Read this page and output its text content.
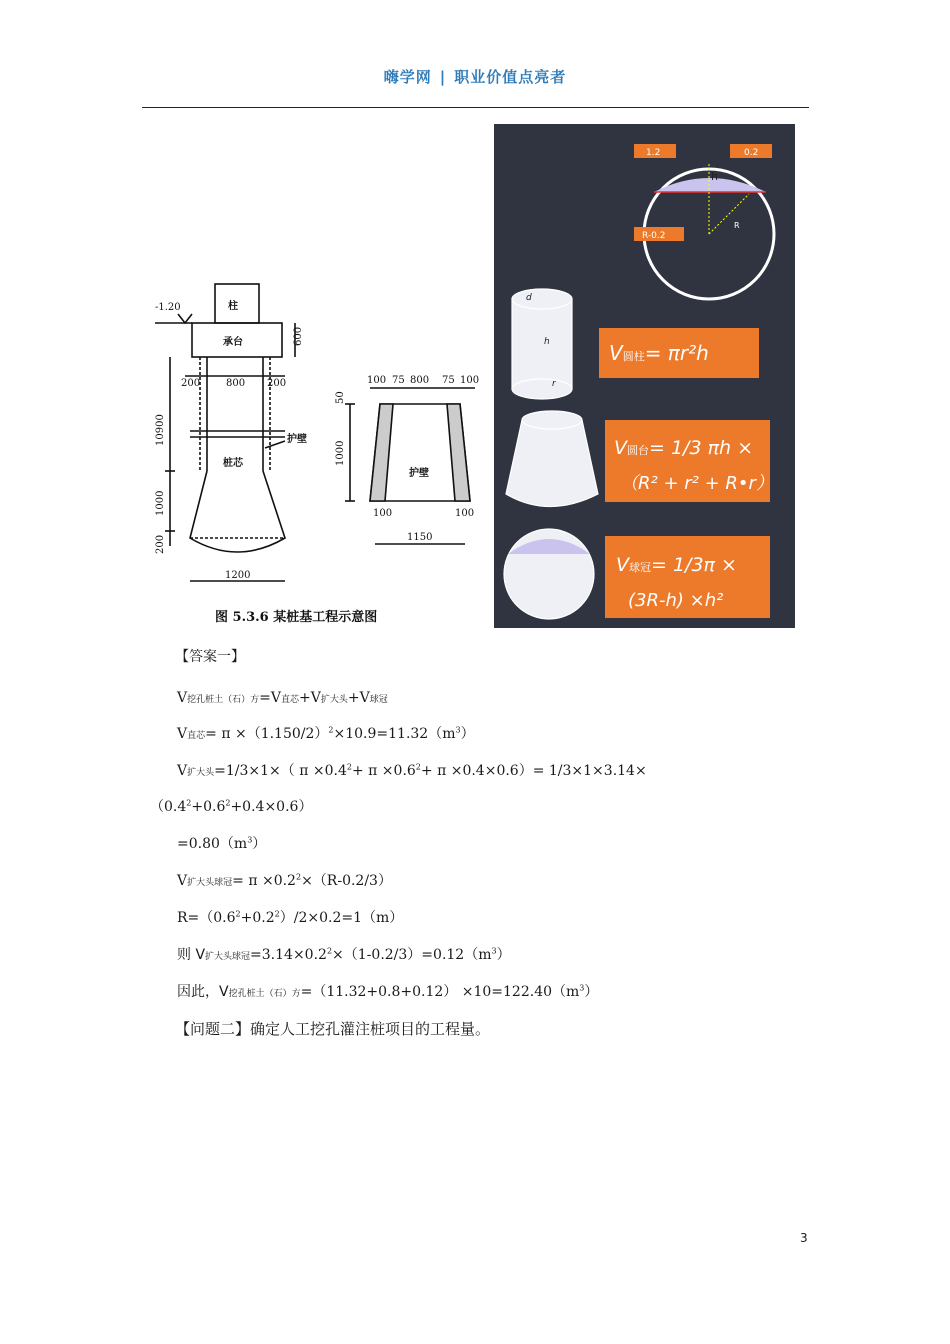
嗨学网 | 职业价值点亮者
柱
承台
-1.20
600
200	800 200
10900	护壁
桩芯
1000
200
1200
100 75 800 75 100
50
1000
护壁
100	100
1150
图 5.3.6 某桩基工程示意图
1.2	0.2
R-0.2
h
R
d
h
r
V圆柱= πr²h
V圆台= 1/3 πh ×
（R² + r² + R•r）
V球冠= 1/3π ×
(3R-h) ×h²
【答案一】
V挖孔桩土（石）方=V直芯+V扩大头+V球冠
V直芯= $\pi \times(1.150/2)^2\times 10.9=11.32(m^3)$
V扩大头=1/3×1×（ $\pi \times 0.4^2+ \pi \times 0.6^2+ \pi \times 0.4\times 0.6)= 1/3\times 1\times 3.14\times$
$(0.4^2+0.6^2+0.4\times 0.6)$
$=0.80(m^3)$
V扩大头球冠= $\pi \times 0.2^2\times(R-0.2/3)$
$R=(0.6^2+0.2^2)/2\times 0.2=1(m)$
则 V扩大头球冠$=3.14\times 0.2^2\times(1-0.2/3)=0.12(m^3)$
因此，V挖孔桩土（石）方$=(11.32+0.8+0.12) \times 10=122.40(m^3)$
【问题二】确定人工挖孔灌注桩项目的工程量。
3
